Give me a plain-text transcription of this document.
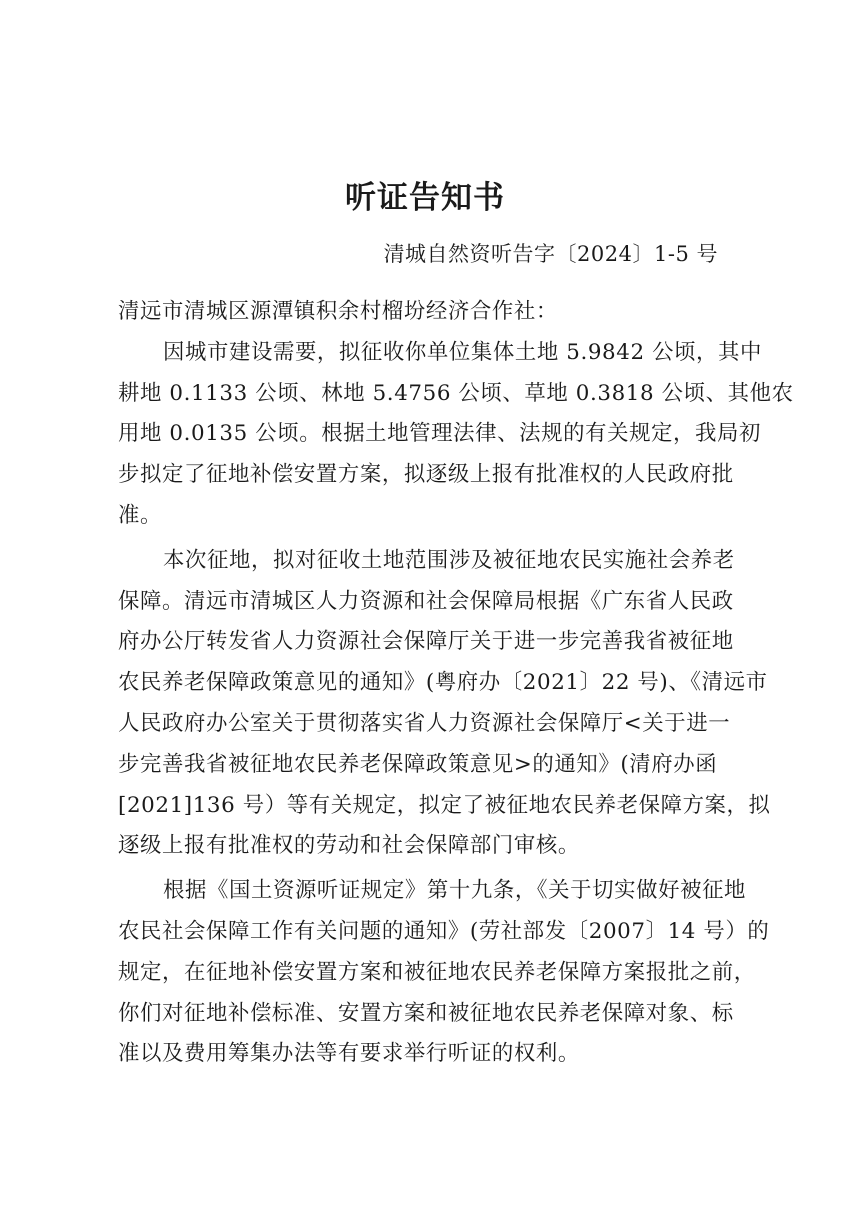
听证告知书
清城自然资听告字〔2024〕1-5 号
清远市清城区源潭镇积余村榴坋经济合作社：
因城市建设需要，拟征收你单位集体土地 5.9842 公顷，其中
耕地 0.1133 公顷、林地 5.4756 公顷、草地 0.3818 公顷、其他农
用地 0.0135 公顷。根据土地管理法律、法规的有关规定，我局初
步拟定了征地补偿安置方案，拟逐级上报有批准权的人民政府批
准。
本次征地，拟对征收土地范围涉及被征地农民实施社会养老
保障。清远市清城区人力资源和社会保障局根据《广东省人民政
府办公厅转发省人力资源社会保障厅关于进一步完善我省被征地
农民养老保障政策意见的通知》(粤府办〔2021〕22 号)、《清远市
人民政府办公室关于贯彻落实省人力资源社会保障厅<关于进一
步完善我省被征地农民养老保障政策意见>的通知》(清府办函
[2021]136 号）等有关规定，拟定了被征地农民养老保障方案，拟
逐级上报有批准权的劳动和社会保障部门审核。
根据《国土资源听证规定》第十九条，《关于切实做好被征地
农民社会保障工作有关问题的通知》(劳社部发〔2007〕14 号）的
规定，在征地补偿安置方案和被征地农民养老保障方案报批之前，
你们对征地补偿标准、安置方案和被征地农民养老保障对象、标
准以及费用筹集办法等有要求举行听证的权利。
